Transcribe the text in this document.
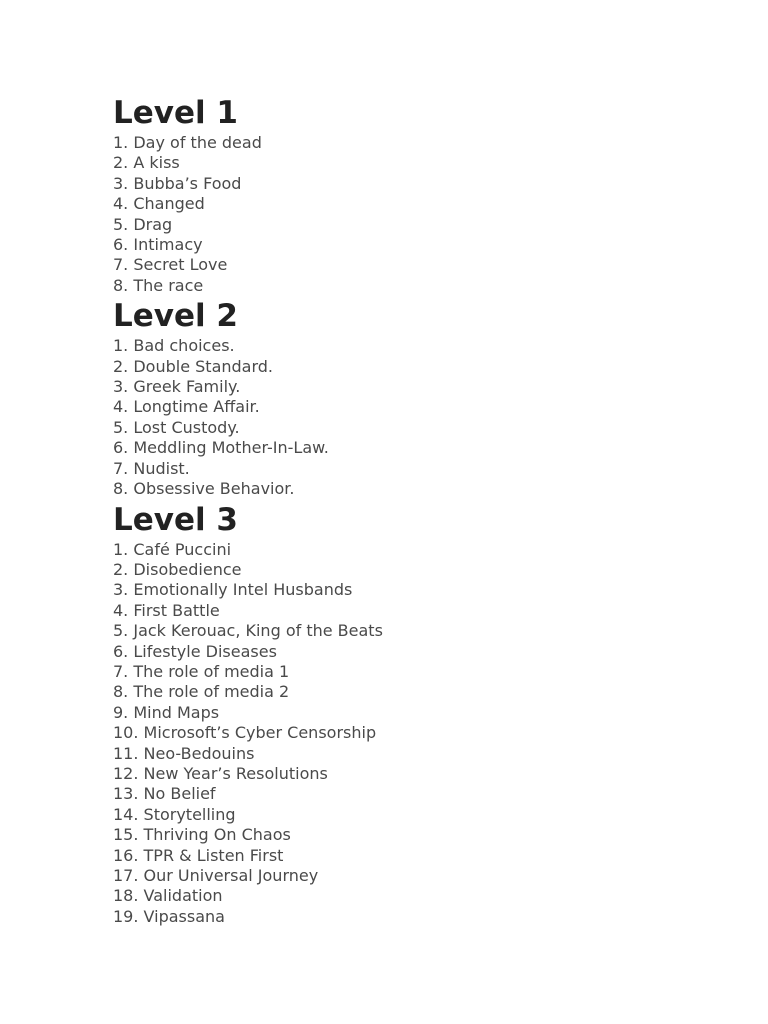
Level 1
1. Day of the dead
2. A kiss
3. Bubba’s Food
4. Changed
5. Drag
6. Intimacy
7. Secret Love
8. The race
Level 2
1. Bad choices.
2. Double Standard.
3. Greek Family.
4. Longtime Affair.
5. Lost Custody.
6. Meddling Mother-In-Law.
7. Nudist.
8. Obsessive Behavior.
Level 3
1. Café Puccini
2. Disobedience
3. Emotionally Intel Husbands
4. First Battle
5. Jack Kerouac, King of the Beats
6. Lifestyle Diseases
7. The role of media 1
8. The role of media 2
9. Mind Maps
10. Microsoft’s Cyber Censorship
11. Neo-Bedouins
12. New Year’s Resolutions
13. No Belief
14. Storytelling
15. Thriving On Chaos
16. TPR & Listen First
17. Our Universal Journey
18. Validation
19. Vipassana
